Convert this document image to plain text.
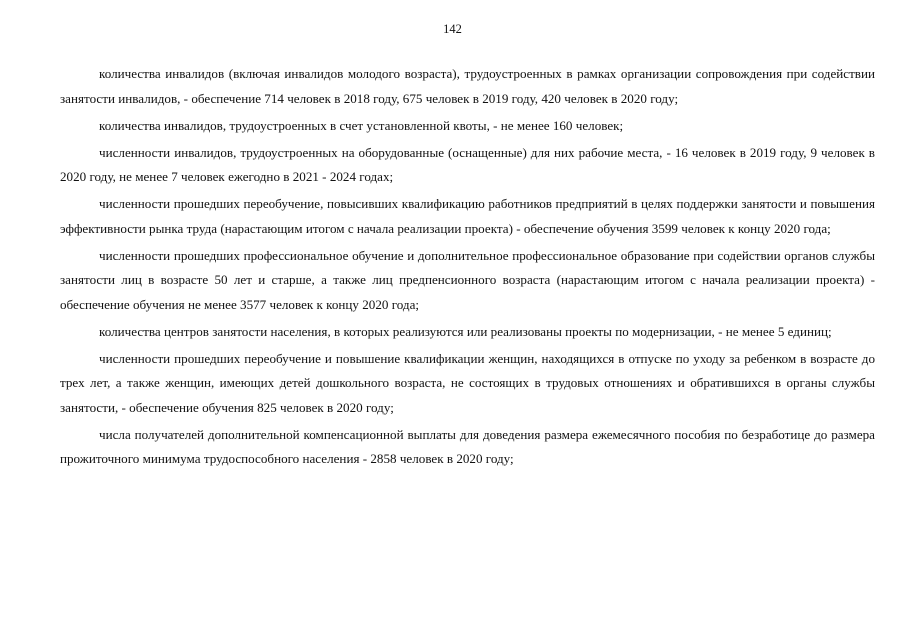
142

количества инвалидов (включая инвалидов молодого возраста), трудоустроенных в рамках организации сопровождения при содействии занятости инвалидов, - обеспечение 714 человек в 2018 году, 675 человек в 2019 году, 420 человек в 2020 году;

количества инвалидов, трудоустроенных в счет установленной квоты, - не менее 160 человек;

численности инвалидов, трудоустроенных на оборудованные (оснащенные) для них рабочие места, - 16 человек в 2019 году, 9 человек в 2020 году, не менее 7 человек ежегодно в 2021 - 2024 годах;

численности прошедших переобучение, повысивших квалификацию работников предприятий в целях поддержки занятости и повышения эффективности рынка труда (нарастающим итогом с начала реализации проекта) - обеспечение обучения 3599 человек к концу 2020 года;

численности прошедших профессиональное обучение и дополнительное профессиональное образование при содействии органов службы занятости лиц в возрасте 50 лет и старше, а также лиц предпенсионного возраста (нарастающим итогом с начала реализации проекта) - обеспечение обучения не менее 3577 человек к концу 2020 года;

количества центров занятости населения, в которых реализуются или реализованы проекты по модернизации, - не менее 5 единиц;

численности прошедших переобучение и повышение квалификации женщин, находящихся в отпуске по уходу за ребенком в возрасте до трех лет, а также женщин, имеющих детей дошкольного возраста, не состоящих в трудовых отношениях и обратившихся в органы службы занятости, - обеспечение обучения 825 человек в 2020 году;

числа получателей дополнительной компенсационной выплаты для доведения размера ежемесячного пособия по безработице до размера прожиточного минимума трудоспособного населения - 2858 человек в 2020 году;
